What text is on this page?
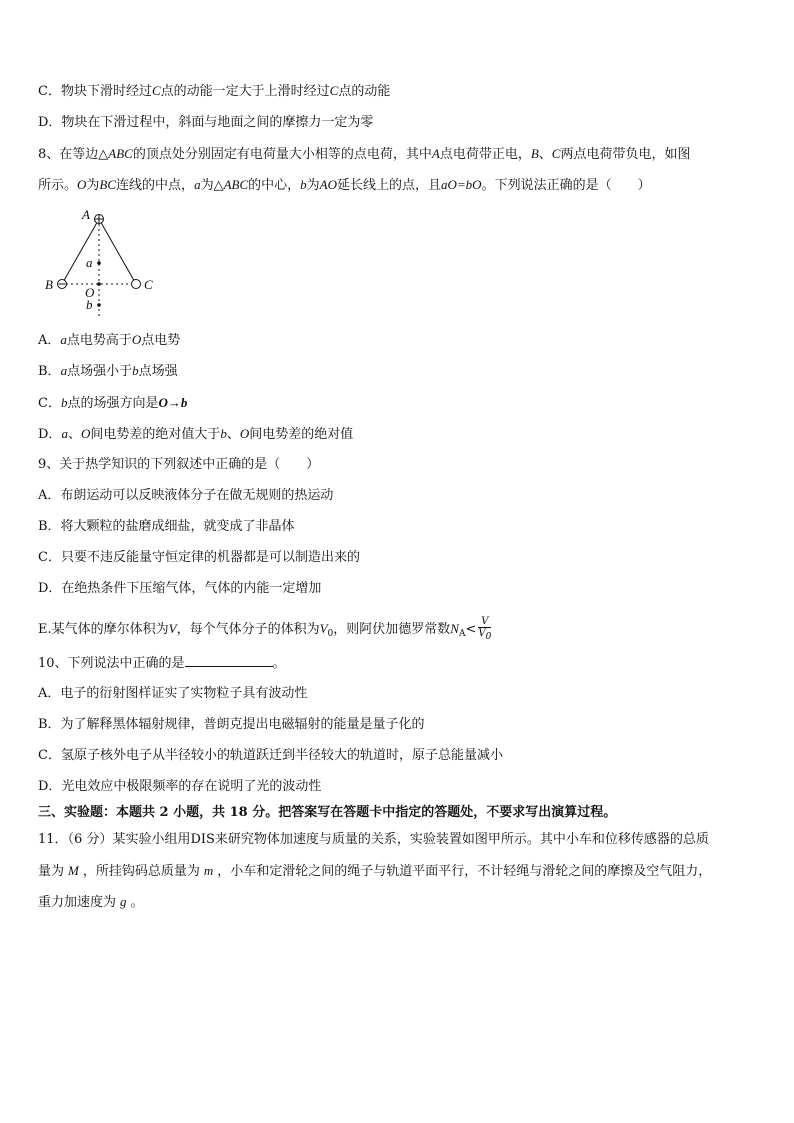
C．物块下滑时经过C点的动能一定大于上滑时经过C点的动能
D．物块在下滑过程中，斜面与地面之间的摩擦力一定为零
8、在等边△ABC的顶点处分别固定有电荷量大小相等的点电荷，其中A点电荷带正电，B、C两点电荷带负电，如图
所示。O为BC连线的中点，a为△ABC的中心，b为AO延长线上的点，且aO=bO。下列说法正确的是（　　）
A
B	C
O
a
b
A．a点电势高于O点电势
B．a点场强小于b点场强
C．b点的场强方向是O→b
D．a、O间电势差的绝对值大于b、O间电势差的绝对值
9、关于热学知识的下列叙述中正确的是（　　）
A．布朗运动可以反映液体分子在做无规则的热运动
B．将大颗粒的盐磨成细盐，就变成了非晶体
C．只要不违反能量守恒定律的机器都是可以制造出来的
D．在绝热条件下压缩气体，气体的内能一定增加
E.某气体的摩尔体积为V，每个气体分子的体积为$V_0$，则阿伏加德罗常数$N_A< \frac{V}{V0}$
10、下列说法中正确的是	。
A．电子的衍射图样证实了实物粒子具有波动性
B．为了解释黑体辐射规律，普朗克提出电磁辐射的能量是量子化的
C．氢原子核外电子从半径较小的轨道跃迁到半径较大的轨道时，原子总能量减小
D．光电效应中极限频率的存在说明了光的波动性
三、实验题：本题共 2 小题，共 18 分。把答案写在答题卡中指定的答题处，不要求写出演算过程。
11．（6 分）某实验小组用DIS来研究物体加速度与质量的关系，实验装置如图甲所示。其中小车和位移传感器的总质
量为 M ，所挂钩码总质量为 m ，小车和定滑轮之间的绳子与轨道平面平行，不计轻绳与滑轮之间的摩擦及空气阻力，
重力加速度为 g 。
